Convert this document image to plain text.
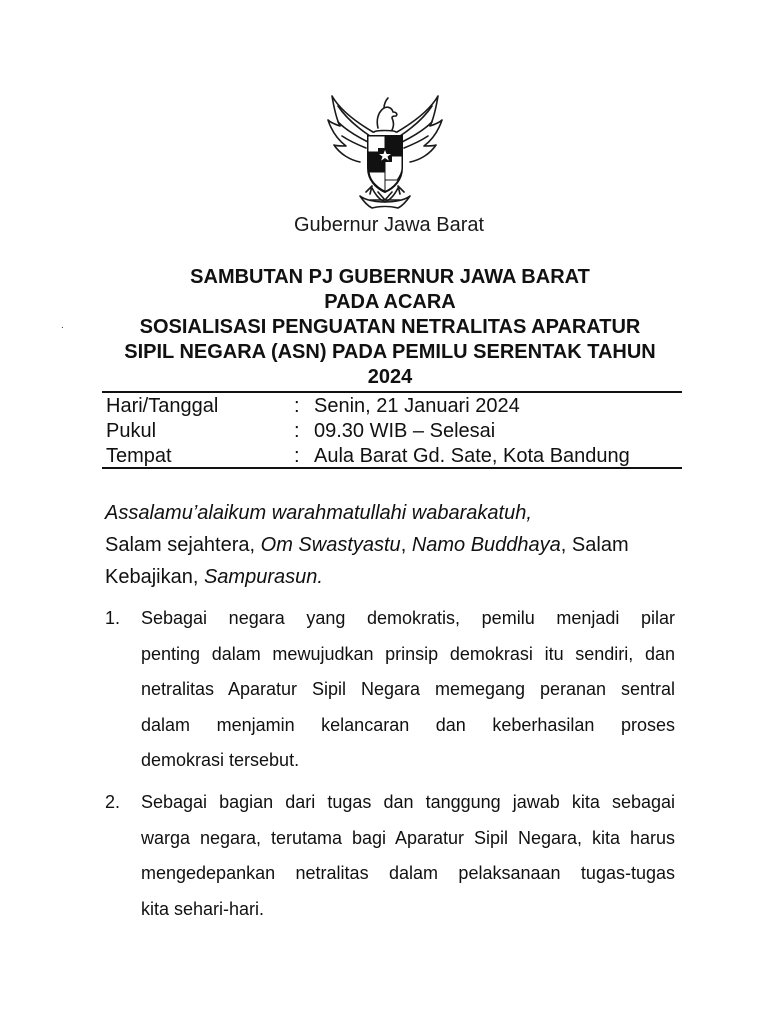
Gubernur Jawa Barat
SAMBUTAN PJ GUBERNUR JAWA BARAT
PADA ACARA
SOSIALISASI PENGUATAN NETRALITAS APARATUR
SIPIL NEGARA (ASN) PADA PEMILU SERENTAK TAHUN
2024
.
Hari/Tanggal	: Senin, 21 Januari 2024
Pukul	: 09.30 WIB – Selesai
Tempat	: Aula Barat Gd. Sate, Kota Bandung
Assalamu’alaikum warahmatullahi wabarakatuh,
Salam sejahtera, Om Swastyastu, Namo Buddhaya, Salam
Kebajikan, Sampurasun.
1. Sebagai negara yang demokratis, pemilu menjadi pilar
penting dalam mewujudkan prinsip demokrasi itu sendiri, dan
netralitas Aparatur Sipil Negara memegang peranan sentral
dalam menjamin kelancaran dan keberhasilan proses
demokrasi tersebut.
2. Sebagai bagian dari tugas dan tanggung jawab kita sebagai
warga negara, terutama bagi Aparatur Sipil Negara, kita harus
mengedepankan netralitas dalam pelaksanaan tugas-tugas
kita sehari-hari.
